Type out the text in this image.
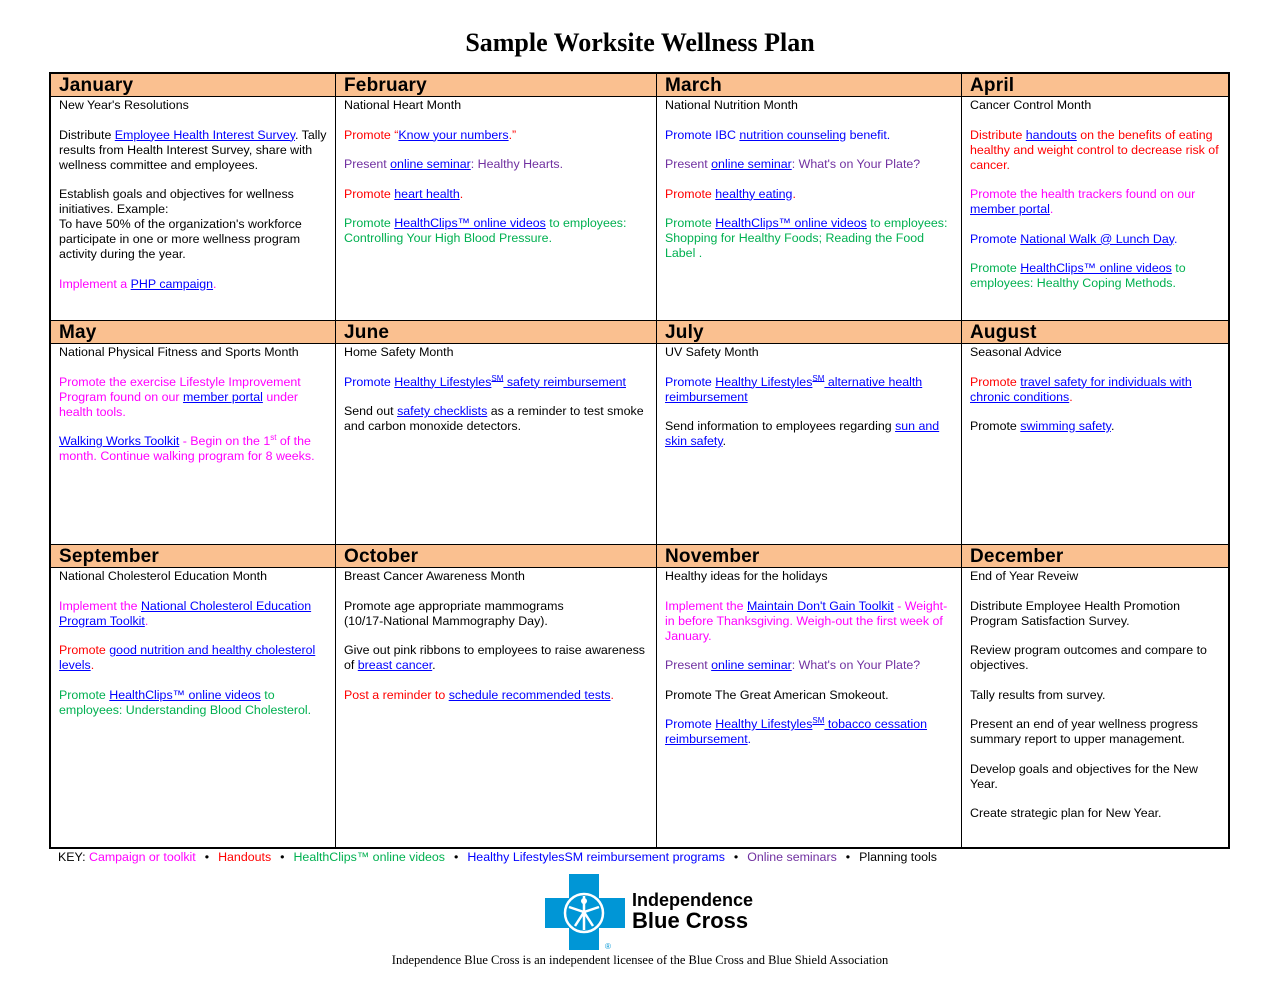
Sample Worksite Wellness Plan
January
New Year's Resolutions
Distribute Employee Health Interest Survey. Tally results from Health Interest Survey, share with wellness committee and employees.
Establish goals and objectives for wellness initiatives. Example:
To have 50% of the organization's workforce participate in one or more wellness program activity during the year.
Implement a PHP campaign.
February
National Heart Month
Promote “Know your numbers.”
Present online seminar: Healthy Hearts.
Promote heart health.
Promote HealthClips™ online videos to employees: Controlling Your High Blood Pressure.
March
National Nutrition Month
Promote IBC nutrition counseling benefit.
Present online seminar: What's on Your Plate?
Promote healthy eating.
Promote HealthClips™ online videos to employees: Shopping for Healthy Foods; Reading the Food Label .
April
Cancer Control Month
Distribute handouts on the benefits of eating healthy and weight control to decrease risk of cancer.
Promote the health trackers found on our member portal.
Promote National Walk @ Lunch Day.
Promote HealthClips™ online videos to employees: Healthy Coping Methods.
May
National Physical Fitness and Sports Month
Promote the exercise Lifestyle Improvement Program found on our member portal under health tools.
Walking Works Toolkit - Begin on the 1st of the month. Continue walking program for 8 weeks.
June
Home Safety Month
Promote Healthy Lifestyles℠ safety reimbursement
Send out safety checklists as a reminder to test smoke and carbon monoxide detectors.
July
UV Safety Month
Promote Healthy Lifestyles℠ alternative health reimbursement
Send information to employees regarding sun and skin safety.
August
Seasonal Advice
Promote travel safety for individuals with chronic conditions.
Promote swimming safety.
September
National Cholesterol Education Month
Implement the National Cholesterol Education Program Toolkit.
Promote good nutrition and healthy cholesterol levels.
Promote HealthClips™ online videos to employees: Understanding Blood Cholesterol.
October
Breast Cancer Awareness Month
Promote age appropriate mammograms
(10/17-National Mammography Day).
Give out pink ribbons to employees to raise awareness of breast cancer.
Post a reminder to schedule recommended tests.
November
Healthy ideas for the holidays
Implement the Maintain Don't Gain Toolkit - Weight-in before Thanksgiving. Weigh-out the first week of January.
Present online seminar: What's on Your Plate?
Promote The Great American Smokeout.
Promote Healthy Lifestyles℠ tobacco cessation reimbursement.
December
End of Year Reveiw
Distribute Employee Health Promotion Program Satisfaction Survey.
Review program outcomes and compare to objectives.
Tally results from survey.
Present an end of year wellness progress summary report to upper management.
Develop goals and objectives for the New Year.
Create strategic plan for New Year.
KEY: Campaign or toolkit • Handouts • HealthClips™ online videos • Healthy LifestylesSM reimbursement programs • Online seminars • Planning tools
®
Independence
Blue Cross
Independence Blue Cross is an independent licensee of the Blue Cross and Blue Shield Association
